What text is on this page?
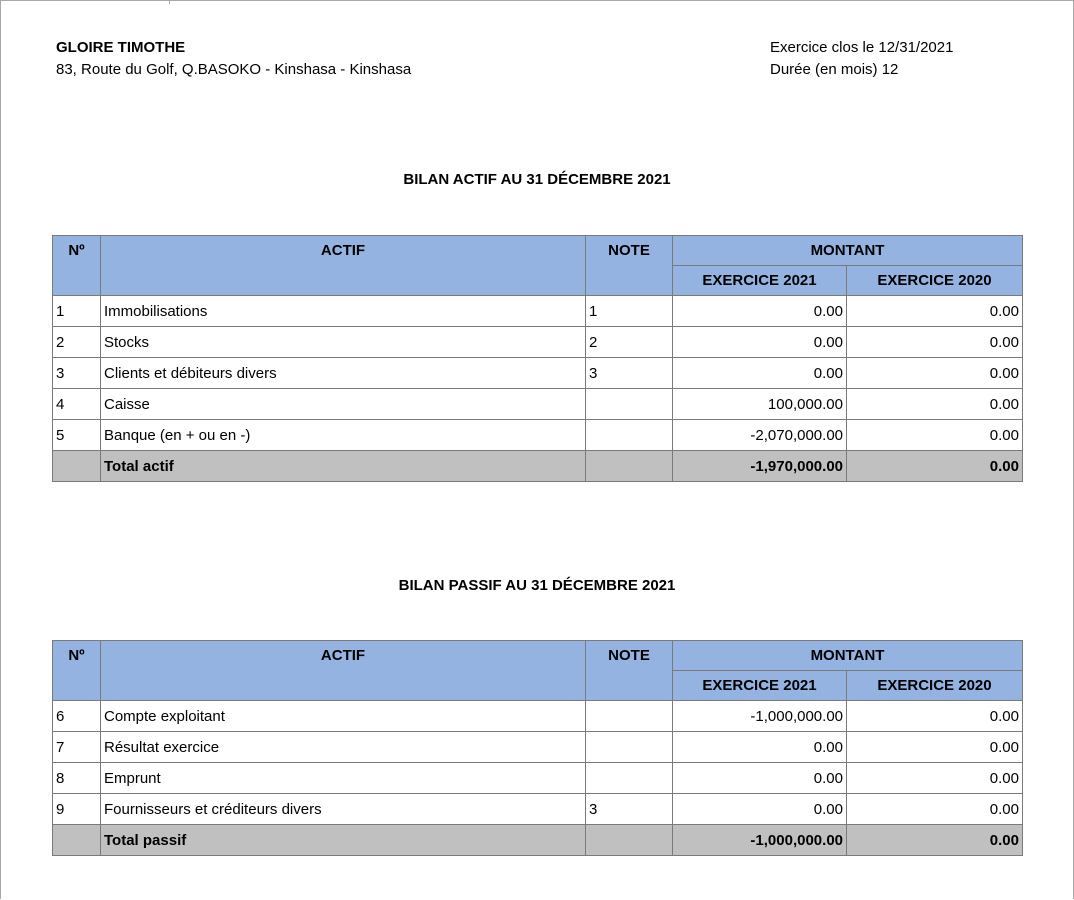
GLOIRE TIMOTHE
83, Route du Golf, Q.BASOKO - Kinshasa - Kinshasa
Exercice clos le 12/31/2021
Durée (en mois) 12
BILAN ACTIF AU 31 DÉCEMBRE 2021
Nº	ACTIF	NOTE	MONTANT	
			EXERCICE 2021	EXERCICE 2020
1	Immobilisations	1	0.00	0.00
2	Stocks	2	0.00	0.00
3	Clients et débiteurs divers	3	0.00	0.00
4	Caisse		100,000.00	0.00
5	Banque (en + ou en -)		-2,070,000.00	0.00
	Total actif		-1,970,000.00	0.00
BILAN PASSIF AU 31 DÉCEMBRE 2021
Nº	ACTIF	NOTE	MONTANT	
			EXERCICE 2021	EXERCICE 2020
6	Compte exploitant		-1,000,000.00	0.00
7	Résultat exercice		0.00	0.00
8	Emprunt		0.00	0.00
9	Fournisseurs et créditeurs divers	3	0.00	0.00
	Total passif		-1,000,000.00	0.00
